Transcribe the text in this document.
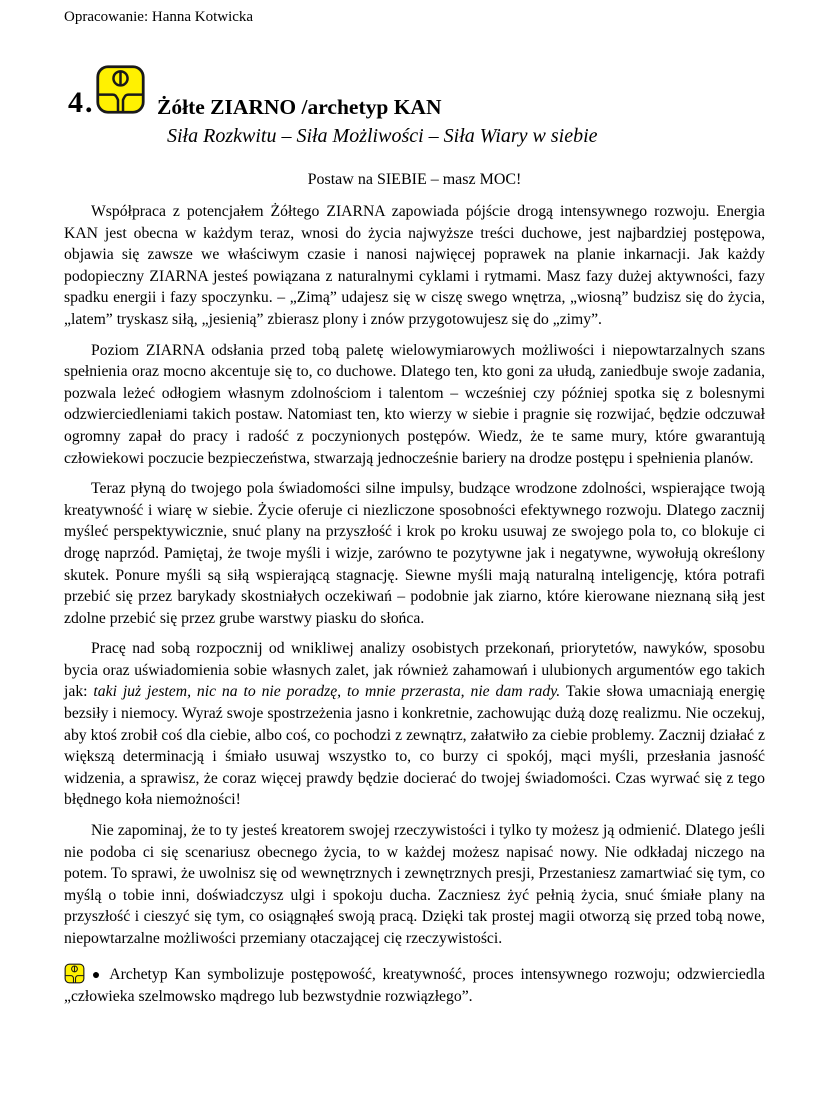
Opracowanie: Hanna Kotwicka
4.	Żółte ZIARNO /archetyp KAN
Siła Rozkwitu – Siła Możliwości – Siła Wiary w siebie
Postaw na SIEBIE – masz MOC!

Współpraca z potencjałem Żółtego ZIARNA zapowiada pójście drogą intensywnego rozwoju. Energia KAN jest obecna w każdym teraz, wnosi do życia najwyższe treści duchowe, jest najbardziej postępowa, objawia się zawsze we właściwym czasie i nanosi najwięcej poprawek na planie inkarnacji. Jak każdy podopieczny ZIARNA jesteś powiązana z naturalnymi cyklami i rytmami. Masz fazy dużej aktywności, fazy spadku energii i fazy spoczynku. – „Zimą” udajesz się w ciszę swego wnętrza, „wiosną” budzisz się do życia, „latem” tryskasz siłą, „jesienią” zbierasz plony i znów przygotowujesz się do „zimy”.

Poziom ZIARNA odsłania przed tobą paletę wielowymiarowych możliwości i niepowtarzalnych szans spełnienia oraz mocno akcentuje się to, co duchowe. Dlatego ten, kto goni za ułudą, zaniedbuje swoje zadania, pozwala leżeć odłogiem własnym zdolnościom i talentom – wcześniej czy później spotka się z bolesnymi odzwierciedleniami takich postaw. Natomiast ten, kto wierzy w siebie i pragnie się rozwijać, będzie odczuwał ogromny zapał do pracy i radość z poczynionych postępów. Wiedz, że te same mury, które gwarantują człowiekowi poczucie bezpieczeństwa, stwarzają jednocześnie bariery na drodze postępu i spełnienia planów.

Teraz płyną do twojego pola świadomości silne impulsy, budzące wrodzone zdolności, wspierające twoją kreatywność i wiarę w siebie. Życie oferuje ci niezliczone sposobności efektywnego rozwoju. Dlatego zacznij myśleć perspektywicznie, snuć plany na przyszłość i krok po kroku usuwaj ze swojego pola to, co blokuje ci drogę naprzód. Pamiętaj, że twoje myśli i wizje, zarówno te pozytywne jak i negatywne, wywołują określony skutek. Ponure myśli są siłą wspierającą stagnację. Siewne myśli mają naturalną inteligencję, która potrafi przebić się przez barykady skostniałych oczekiwań – podobnie jak ziarno, które kierowane nieznaną siłą jest zdolne przebić się przez grube warstwy piasku do słońca.

Pracę nad sobą rozpocznij od wnikliwej analizy osobistych przekonań, priorytetów, nawyków, sposobu bycia oraz uświadomienia sobie własnych zalet, jak również zahamowań i ulubionych argumentów ego takich jak: taki już jestem, nic na to nie poradzę, to mnie przerasta, nie dam rady. Takie słowa umacniają energię bezsiły i niemocy. Wyraź swoje spostrzeżenia jasno i konkretnie, zachowując dużą dozę realizmu. Nie oczekuj, aby ktoś zrobił coś dla ciebie, albo coś, co pochodzi z zewnątrz, załatwiło za ciebie problemy. Zacznij działać z większą determinacją i śmiało usuwaj wszystko to, co burzy ci spokój, mąci myśli, przesłania jasność widzenia, a sprawisz, że coraz więcej prawdy będzie docierać do twojej świadomości. Czas wyrwać się z tego błędnego koła niemożności!

Nie zapominaj, że to ty jesteś kreatorem swojej rzeczywistości i tylko ty możesz ją odmienić. Dlatego jeśli nie podoba ci się scenariusz obecnego życia, to w każdej możesz napisać nowy. Nie odkładaj niczego na potem. To sprawi, że uwolnisz się od wewnętrznych i zewnętrznych presji, Przestaniesz zamartwiać się tym, co myślą o tobie inni, doświadczysz ulgi i spokoju ducha. Zaczniesz żyć pełnią życia, snuć śmiałe plany na przyszłość i cieszyć się tym, co osiągnąłeś swoją pracą. Dzięki tak prostej magii otworzą się przed tobą nowe, niepowtarzalne możliwości przemiany otaczającej cię rzeczywistości.

● Archetyp Kan symbolizuje postępowość, kreatywność, proces intensywnego rozwoju; odzwierciedla „człowieka szelmowsko mądrego lub bezwstydnie rozwiązłego”.
